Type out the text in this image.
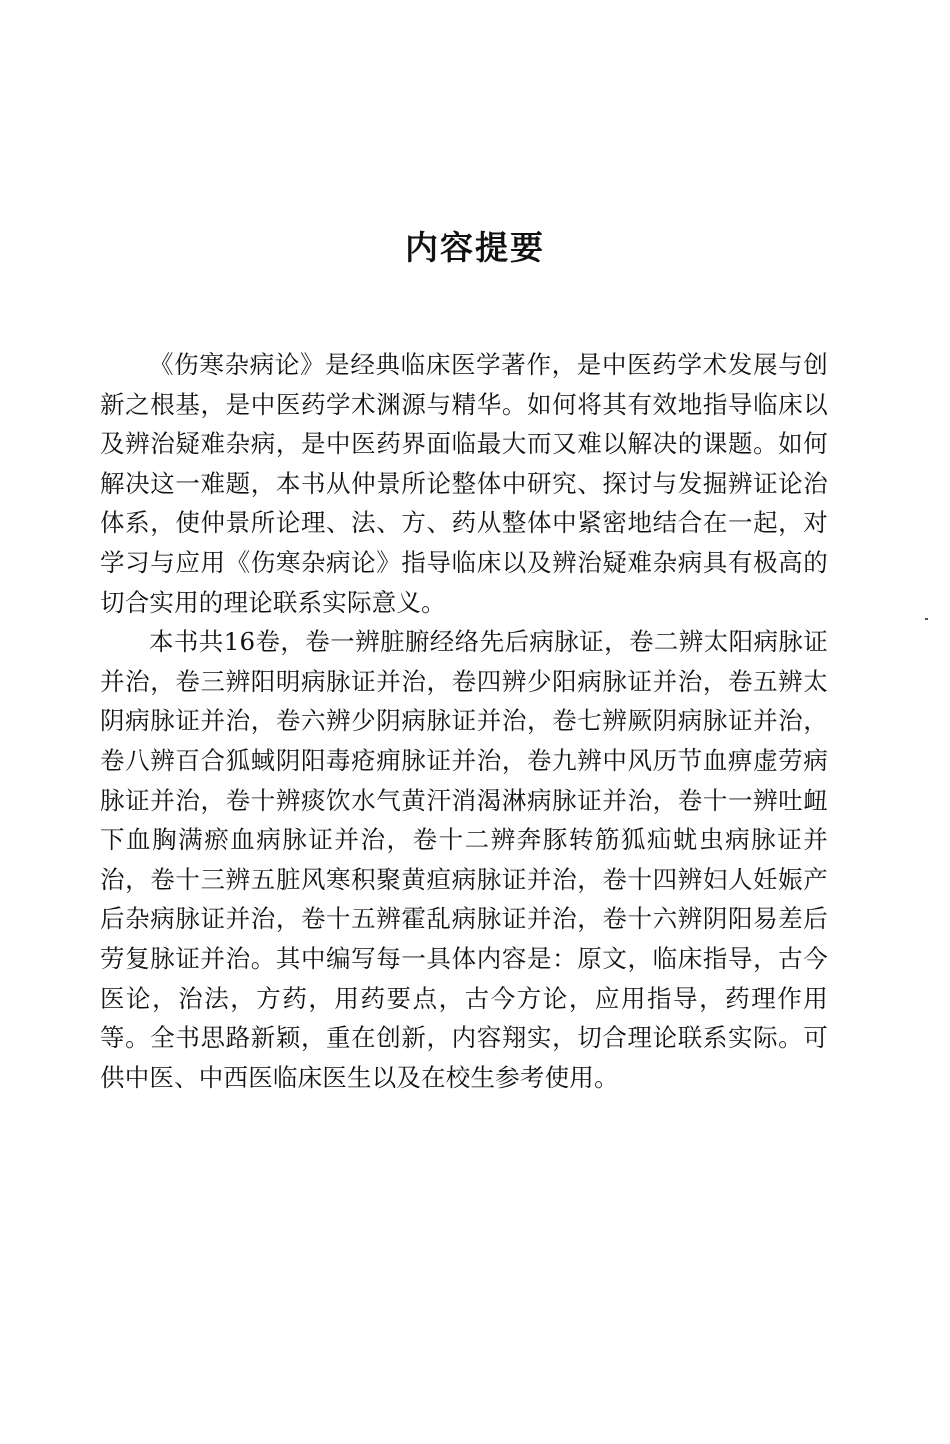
内容提要

《伤寒杂病论》是经典临床医学著作，是中医药学术发展与创新之根基，是中医药学术渊源与精华。如何将其有效地指导临床以及辨治疑难杂病，是中医药界面临最大而又难以解决的课题。如何解决这一难题，本书从仲景所论整体中研究、探讨与发掘辨证论治体系，使仲景所论理、法、方、药从整体中紧密地结合在一起，对学习与应用《伤寒杂病论》指导临床以及辨治疑难杂病具有极高的切合实用的理论联系实际意义。

本书共16卷，卷一辨脏腑经络先后病脉证，卷二辨太阳病脉证并治，卷三辨阳明病脉证并治，卷四辨少阳病脉证并治，卷五辨太阴病脉证并治，卷六辨少阴病脉证并治，卷七辨厥阴病脉证并治，卷八辨百合狐蜮阴阳毒疮痈脉证并治，卷九辨中风历节血痹虚劳病脉证并治，卷十辨痰饮水气黄汗消渴淋病脉证并治，卷十一辨吐衄下血胸满瘀血病脉证并治，卷十二辨奔豚转筋狐疝蚘虫病脉证并治，卷十三辨五脏风寒积聚黄疸病脉证并治，卷十四辨妇人妊娠产后杂病脉证并治，卷十五辨霍乱病脉证并治，卷十六辨阴阳易差后劳复脉证并治。其中编写每一具体内容是：原文，临床指导，古今医论，治法，方药，用药要点，古今方论，应用指导，药理作用等。全书思路新颖，重在创新，内容翔实，切合理论联系实际。可供中医、中西医临床医生以及在校生参考使用。
